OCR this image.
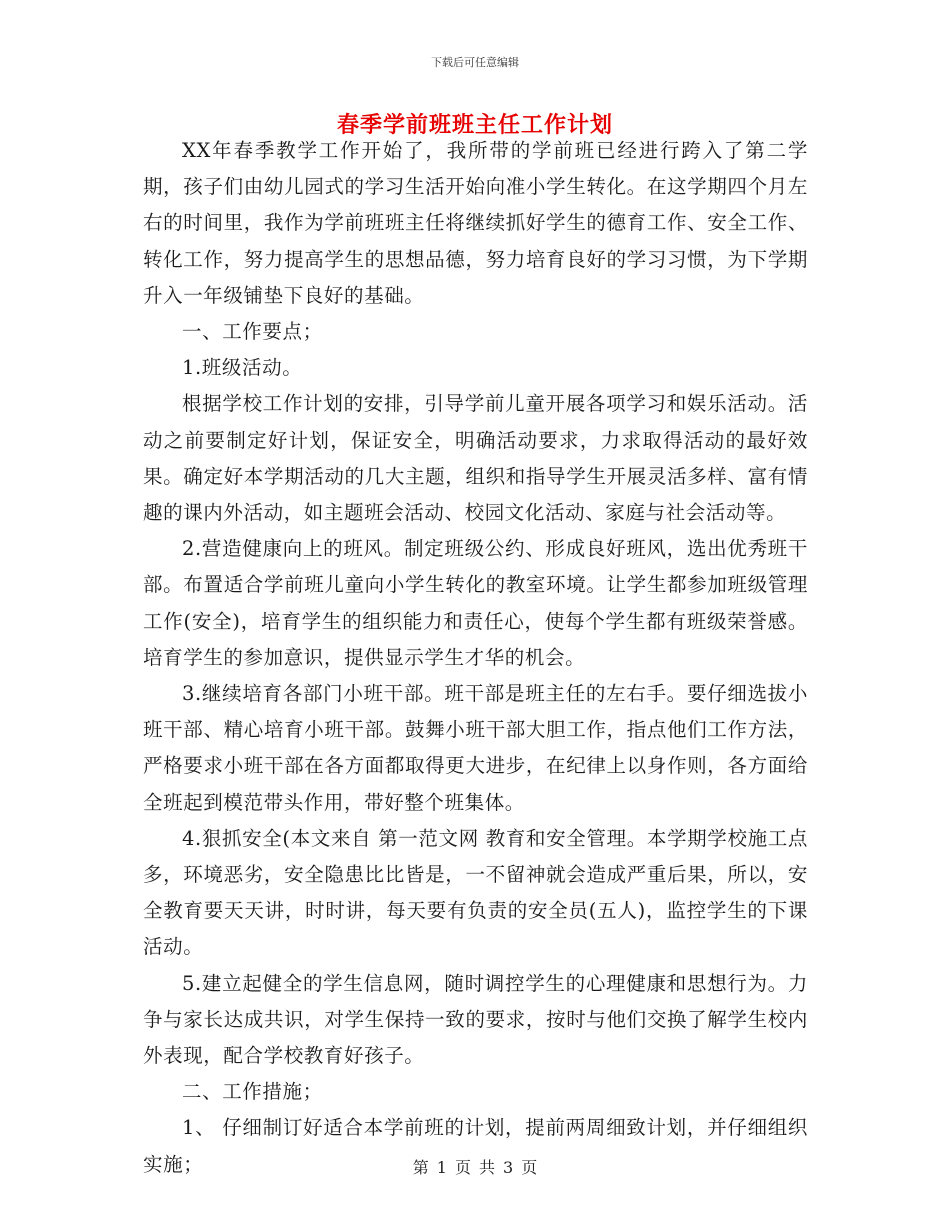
下载后可任意编辑
春季学前班班主任工作计划

XX年春季教学工作开始了，我所带的学前班已经进行跨入了第二学期，孩子们由幼儿园式的学习生活开始向准小学生转化。在这学期四个月左右的时间里，我作为学前班班主任将继续抓好学生的德育工作、安全工作、转化工作，努力提高学生的思想品德，努力培育良好的学习习惯，为下学期升入一年级铺垫下良好的基础。

一、工作要点；

1.班级活动。

根据学校工作计划的安排，引导学前儿童开展各项学习和娱乐活动。活动之前要制定好计划，保证安全，明确活动要求，力求取得活动的最好效果。确定好本学期活动的几大主题，组织和指导学生开展灵活多样、富有情趣的课内外活动，如主题班会活动、校园文化活动、家庭与社会活动等。

2.营造健康向上的班风。制定班级公约、形成良好班风，选出优秀班干部。布置适合学前班儿童向小学生转化的教室环境。让学生都参加班级管理工作(安全)，培育学生的组织能力和责任心，使每个学生都有班级荣誉感。培育学生的参加意识，提供显示学生才华的机会。

3.继续培育各部门小班干部。班干部是班主任的左右手。要仔细选拔小班干部、精心培育小班干部。鼓舞小班干部大胆工作，指点他们工作方法，严格要求小班干部在各方面都取得更大进步，在纪律上以身作则，各方面给全班起到模范带头作用，带好整个班集体。

4.狠抓安全(本文来自 第一范文网 教育和安全管理。本学期学校施工点多，环境恶劣，安全隐患比比皆是，一不留神就会造成严重后果，所以，安全教育要天天讲，时时讲，每天要有负责的安全员(五人)，监控学生的下课活动。

5.建立起健全的学生信息网，随时调控学生的心理健康和思想行为。力争与家长达成共识，对学生保持一致的要求，按时与他们交换了解学生校内外表现，配合学校教育好孩子。

二、工作措施；

1、 仔细制订好适合本学前班的计划，提前两周细致计划，并仔细组织实施；	第 1 页 共 3 页
